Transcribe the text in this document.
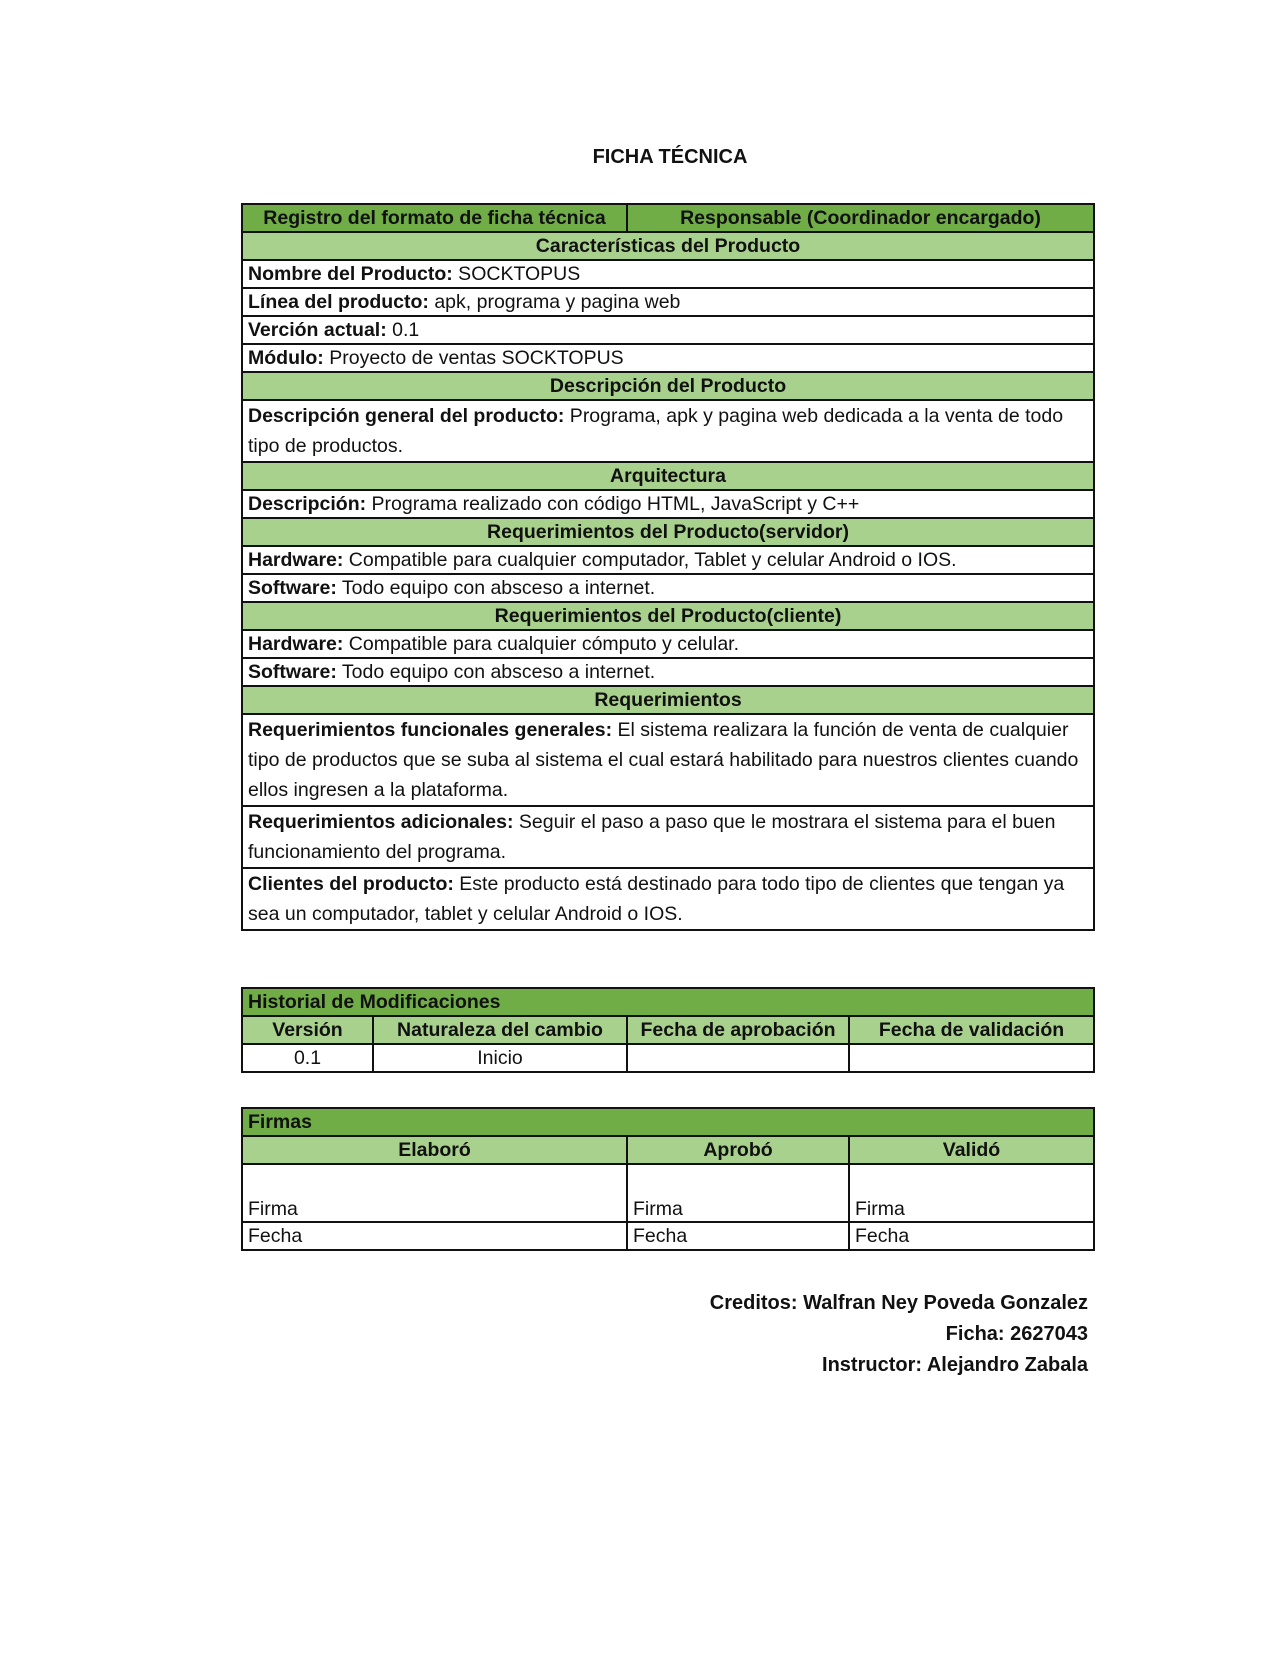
FICHA TÉCNICA
Registro del formato de ficha técnica	Responsable (Coordinador encargado)
Características del Producto
Nombre del Producto: SOCKTOPUS
Línea del producto: apk, programa y pagina web
Verción actual: 0.1
Módulo: Proyecto de ventas SOCKTOPUS
Descripción del Producto
Descripción general del producto: Programa, apk y pagina web dedicada a la venta de todo tipo de productos.
Arquitectura
Descripción: Programa realizado con código HTML, JavaScript y C++
Requerimientos del Producto(servidor)
Hardware: Compatible para cualquier computador, Tablet y celular Android o IOS.
Software: Todo equipo con absceso a internet.
Requerimientos del Producto(cliente)
Hardware: Compatible para cualquier cómputo y celular.
Software: Todo equipo con absceso a internet.
Requerimientos
Requerimientos funcionales generales: El sistema realizara la función de venta de cualquier tipo de productos que se suba al sistema el cual estará habilitado para nuestros clientes cuando ellos ingresen a la plataforma.
Requerimientos adicionales: Seguir el paso a paso que le mostrara el sistema para el buen funcionamiento del programa.
Clientes del producto: Este producto está destinado para todo tipo de clientes que tengan ya sea un computador, tablet y celular Android o IOS.
Historial de Modificaciones			
Versión	Naturaleza del cambio	Fecha de aprobación	Fecha de validación
0.1	Inicio		
Firmas		
Elaboró	Aprobó	Validó
Firma	Firma	Firma
Fecha	Fecha	Fecha
Creditos: Walfran Ney Poveda Gonzalez
Ficha: 2627043
Instructor: Alejandro Zabala
